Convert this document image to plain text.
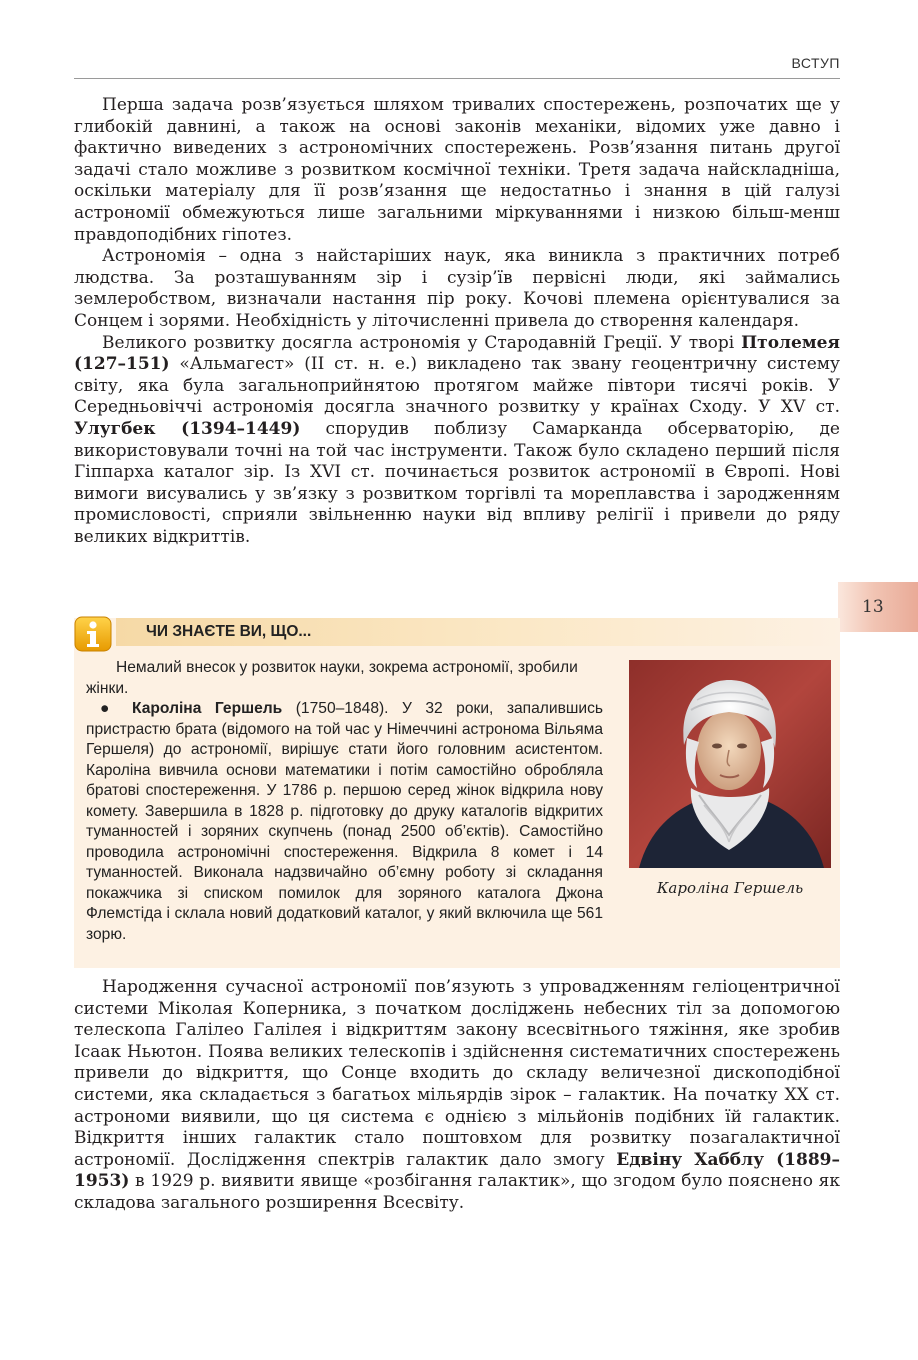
ВСТУП
13

Перша задача розв’язується шляхом тривалих спостережень, розпочатих ще у глибокій давнині, а також на основі законів механіки, відомих уже давно і фактично виведених з астрономічних спостережень. Розв’язання питань другої задачі стало можливе з розвитком космічної техніки. Третя задача найскладніша, оскільки матеріалу для її розв’язання ще недостатньо і знання в цій галузі астрономії обмежуються лише загальними міркуваннями і низкою більш-менш правдоподібних гіпотез.

Астрономія – одна з найстаріших наук, яка виникла з практичних потреб людства. За розташуванням зір і сузір’їв первісні люди, які займались землеробством, визначали настання пір року. Кочові племена орієнтувалися за Сонцем і зорями. Необхідність у літочисленні привела до створення календаря.

Великого розвитку досягла астрономія у Стародавній Греції. У творі Птолемея (127–151) «Альмагест» (ІІ ст. н. е.) викладено так звану геоцентричну систему світу, яка була загальноприйнятою протягом майже півтори тисячі років. У Середньовіччі астрономія досягла значного розвитку у країнах Сходу. У XV ст. Улугбек (1394–1449) спорудив поблизу Самарканда обсерваторію, де використовували точні на той час інструменти. Також було складено перший після Гіппарха каталог зір. Із XVI ст. починається розвиток астрономії в Європі. Нові вимоги висувались у зв’язку з розвитком торгівлі та мореплавства і зародженням промисловості, сприяли звільненню науки від впливу релігії і привели до ряду великих відкриттів.

ЧИ ЗНАЄТЕ ВИ, ЩО...
Кароліна Гершель

Немалий внесок у розвиток науки, зокрема астрономії, зробили жінки.

● Кароліна Гершель (1750–1848). У 32 роки, запалившись пристрастю брата (відомого на той час у Німеччині астронома Вільяма Гершеля) до астрономії, вирішує стати його головним асистентом. Кароліна вивчила основи математики і потім самостійно обробляла братові спостереження. У 1786 р. першою серед жінок відкрила нову комету. Завершила в 1828 р. підготовку до друку каталогів відкритих туманностей і зоряних скупчень (понад 2500 об’єктів). Самостійно проводила астрономічні спостереження. Відкрила 8 комет і 14 туманностей. Виконала надзвичайно об’ємну роботу зі складання покажчика зі списком помилок для зоряного каталога Джона Флемстіда і склала новий додатковий каталог, у який включила ще 561 зорю.

Народження сучасної астрономії пов’язують з упровадженням геліоцентричної системи Міколая Коперника, з початком досліджень небесних тіл за допомогою телескопа Галілео Галілея і відкриттям закону всесвітнього тяжіння, яке зробив Ісаак Ньютон. Поява великих телескопів і здійснення систематичних спостережень привели до відкриття, що Сонце входить до складу величезної дископодібної системи, яка складається з багатьох мільярдів зірок – галактик. На початку XX ст. астрономи виявили, що ця система є однією з мільйонів подібних їй галактик. Відкриття інших галактик стало поштовхом для розвитку позагалактичної астрономії. Дослідження спектрів галактик дало змогу Едвіну Хабблу (1889–1953) в 1929 р. виявити явище «розбігання галактик», що згодом було пояснено як складова загального розширення Всесвіту.
